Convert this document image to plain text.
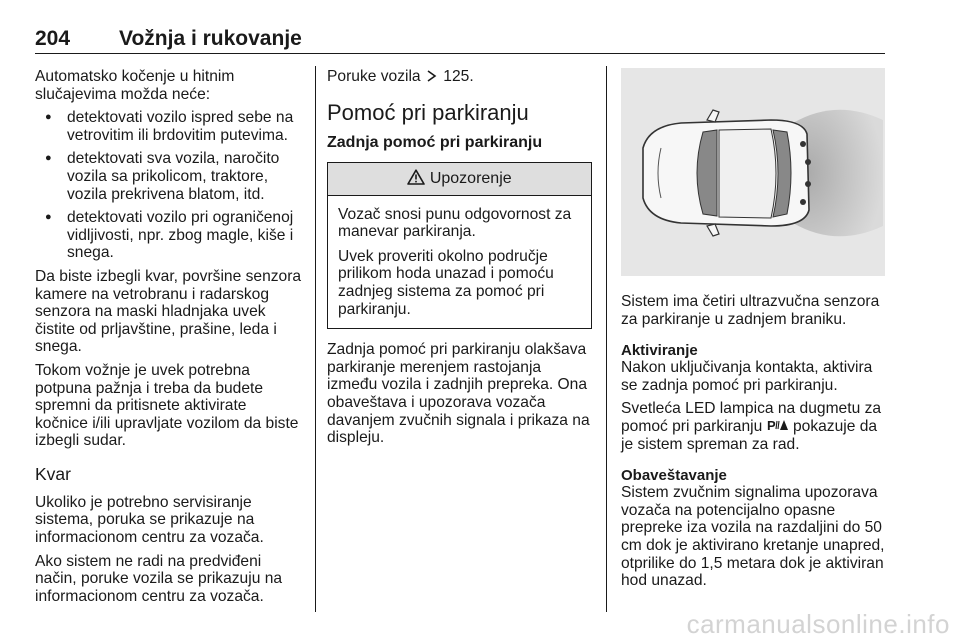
204 Vožnja i rukovanje

Automatsko kočenje u hitnim slučajevima možda neće:

● detektovati vozilo ispred sebe na vetrovitim ili brdovitim putevima.
● detektovati sva vozila, naročito vozila sa prikolicom, traktore, vozila prekrivena blatom, itd.
● detektovati vozilo pri ograničenoj vidljivosti, npr. zbog magle, kiše i snega.

Da biste izbegli kvar, površine senzora kamere na vetrobranu i radarskog senzora na maski hladnjaka uvek čistite od prljavštine, prašine, leda i snega.

Tokom vožnje je uvek potrebna potpuna pažnja i treba da budete spremni da pritisnete aktivirate kočnice i/ili upravljate vozilom da biste izbegli sudar.

Kvar

Ukoliko je potrebno servisiranje sistema, poruka se prikazuje na informacionom centru za vozača.

Ako sistem ne radi na predviđeni način, poruke vozila se prikazuju na informacionom centru za vozača.

Poruke vozila 125.

Pomoć pri parkiranju
Zadnja pomoć pri parkiranju
Upozorenje

Vozač snosi punu odgovornost za manevar parkiranja.

Uvek proveriti okolno područje prilikom hoda unazad i pomoću zadnjeg sistema za pomoć pri parkiranju.

Zadnja pomoć pri parkiranju olakšava parkiranje merenjem rastojanja između vozila i zadnjih prepreka. Ona obaveštava i upozorava vozača davanjem zvučnih signala i prikaza na displeju.

Sistem ima četiri ultrazvučna senzora za parkiranje u zadnjem braniku.

Aktiviranje

Nakon uključivanja kontakta, aktivira se zadnja pomoć pri parkiranju.

Svetleća LED lampica na dugmetu za pomoć pri parkiranju P pokazuje da je sistem spreman za rad.

Obaveštavanje

Sistem zvučnim signalima upozorava vozača na potencijalno opasne prepreke iza vozila na razdaljini do 50 cm dok je aktivirano kretanje unapred, otprilike do 1,5 metara dok je aktiviran hod unazad.

carmanualsonline.info
